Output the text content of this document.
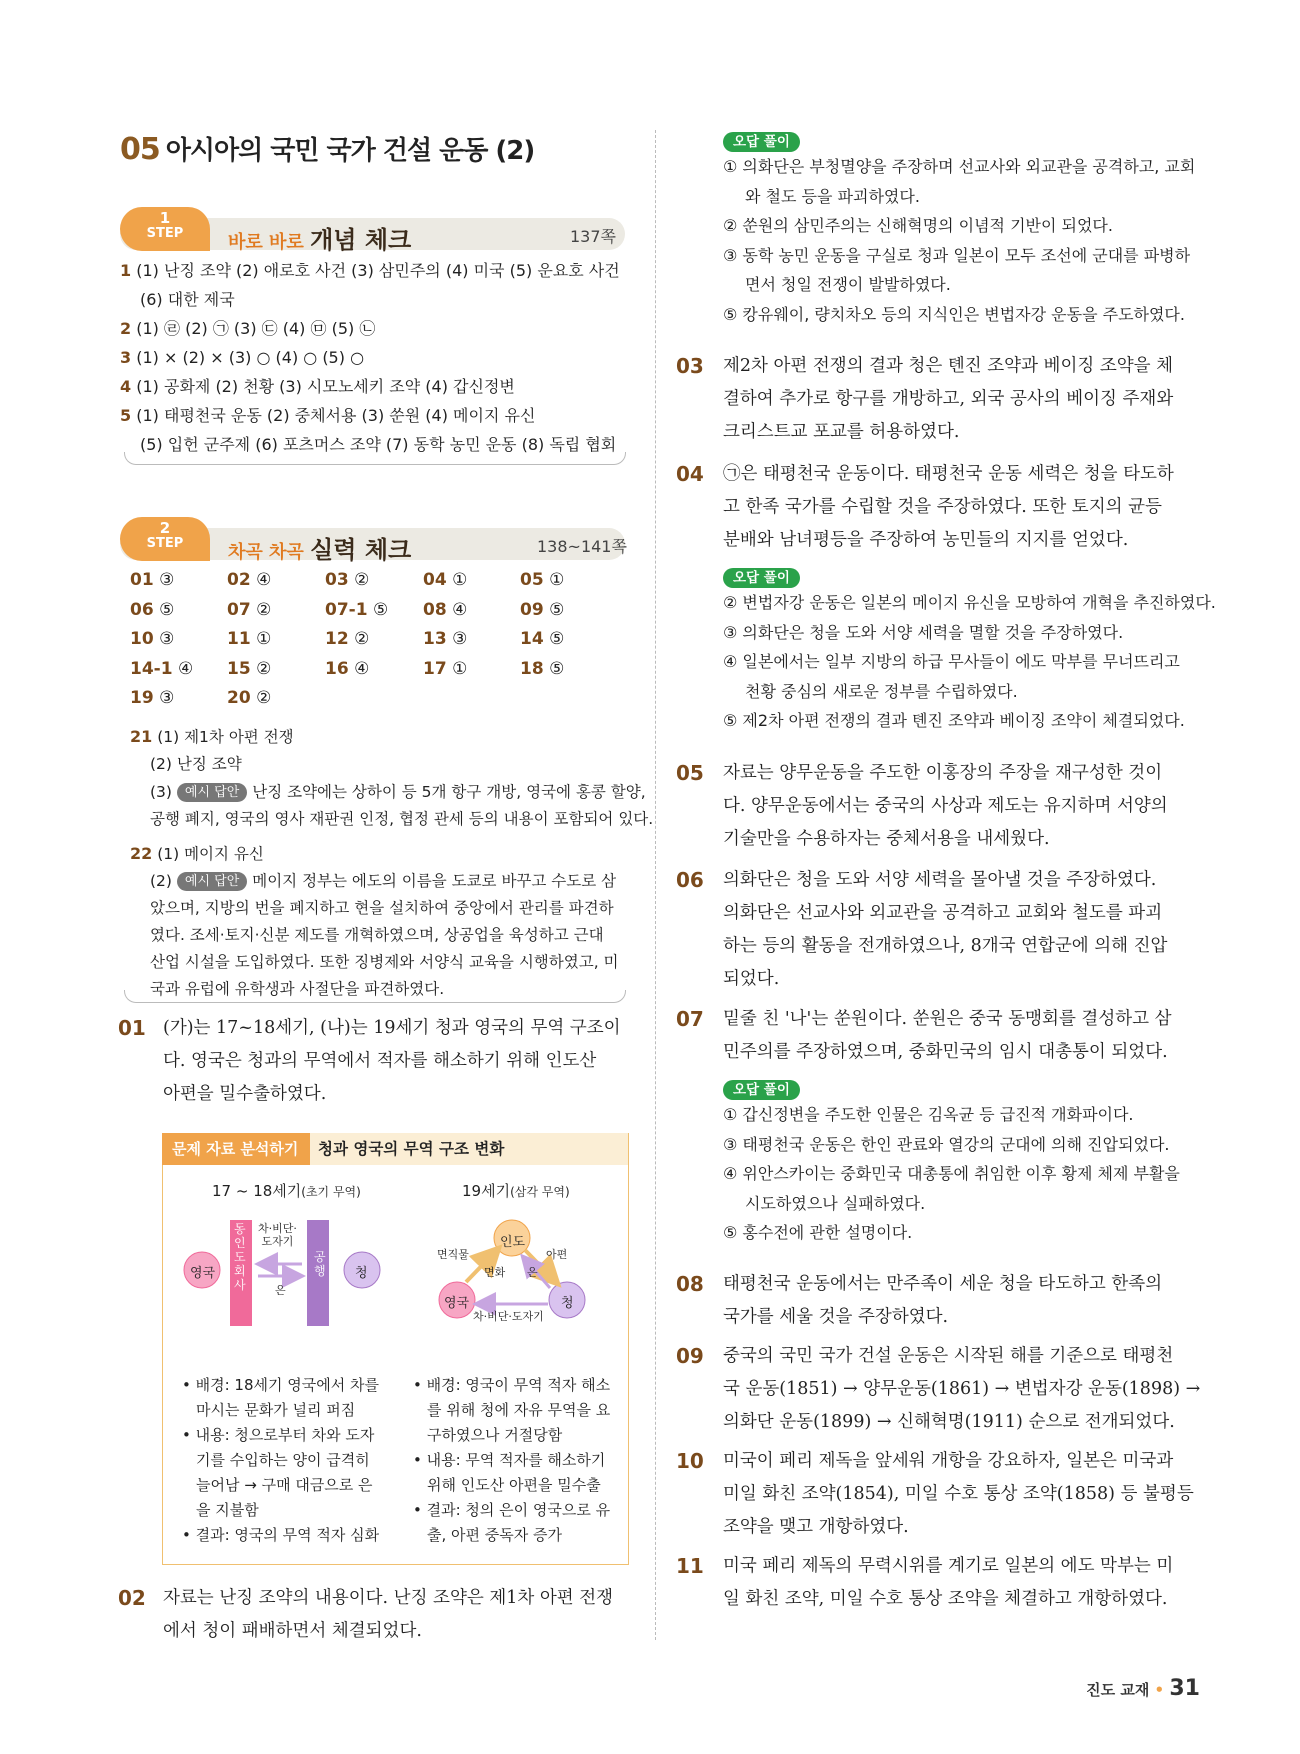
05 아시아의 국민 국가 건설 운동 (2)
1
STEP	바로 바로 개념 체크	137쪽
1 (1) 난징 조약 (2) 애로호 사건 (3) 삼민주의 (4) 미국 (5) 운요호 사건
(6) 대한 제국
2 (1) ㉣ (2) ㉠ (3) ㉢ (4) ㉤ (5) ㉡
3 (1) × (2) × (3) ○ (4) ○ (5) ○
4 (1) 공화제 (2) 천황 (3) 시모노세키 조약 (4) 갑신정변
5 (1) 태평천국 운동 (2) 중체서용 (3) 쑨원 (4) 메이지 유신
(5) 입헌 군주제 (6) 포츠머스 조약 (7) 동학 농민 운동 (8) 독립 협회
2
STEP	차곡 차곡 실력 체크	138~141쪽
01 ③	02 ④	03 ②	04 ①	05 ①
06 ⑤	07 ②	07-1 ⑤ 08 ④	09 ⑤
10 ③	11 ①	12 ②	13 ③	14 ⑤
14-1 ④ 15 ②	16 ④	17 ①	18 ⑤
19 ③	20 ②
21 (1) 제1차 아편 전쟁
(2) 난징 조약
(3) 예시 답안 난징 조약에는 상하이 등 5개 항구 개방, 영국에 홍콩 할양,
공행 폐지, 영국의 영사 재판권 인정, 협정 관세 등의 내용이 포함되어 있다.
22 (1) 메이지 유신
(2) 예시 답안 메이지 정부는 에도의 이름을 도쿄로 바꾸고 수도로 삼
았으며, 지방의 번을 폐지하고 현을 설치하여 중앙에서 관리를 파견하
였다. 조세·토지·신분 제도를 개혁하였으며, 상공업을 육성하고 근대
산업 시설을 도입하였다. 또한 징병제와 서양식 교육을 시행하였고, 미
국과 유럽에 유학생과 사절단을 파견하였다.
01 (가)는 17~18세기, (나)는 19세기 청과 영국의 무역 구조이
다. 영국은 청과의 무역에서 적자를 해소하기 위해 인도산
아편을 밀수출하였다.
문제 자료 분석하기	청과 영국의 무역 구조 변화
17 ~ 18세기(초기 무역)	19세기(삼각 무역)
영국
동인도회사
공행 청
차·비단·
도자기
은
영국
인도
청
면직물	아편
면화 은
차·비단·도자기
• 배경: 18세기 영국에서 차를
마시는 문화가 널리 퍼짐
• 내용: 청으로부터 차와 도자
기를 수입하는 양이 급격히
늘어남 → 구매 대금으로 은
을 지불함
• 결과: 영국의 무역 적자 심화
• 배경: 영국이 무역 적자 해소
를 위해 청에 자유 무역을 요
구하였으나 거절당함
• 내용: 무역 적자를 해소하기
위해 인도산 아편을 밀수출
• 결과: 청의 은이 영국으로 유
출, 아편 중독자 증가
02 자료는 난징 조약의 내용이다. 난징 조약은 제1차 아편 전쟁
에서 청이 패배하면서 체결되었다.
오답 풀이
① 의화단은 부청멸양을 주장하며 선교사와 외교관을 공격하고, 교회
와 철도 등을 파괴하였다.
② 쑨원의 삼민주의는 신해혁명의 이념적 기반이 되었다.
③ 동학 농민 운동을 구실로 청과 일본이 모두 조선에 군대를 파병하
면서 청일 전쟁이 발발하였다.
⑤ 캉유웨이, 량치차오 등의 지식인은 변법자강 운동을 주도하였다.
03 제2차 아편 전쟁의 결과 청은 톈진 조약과 베이징 조약을 체
결하여 추가로 항구를 개방하고, 외국 공사의 베이징 주재와
크리스트교 포교를 허용하였다.
04 ㉠은 태평천국 운동이다. 태평천국 운동 세력은 청을 타도하
고 한족 국가를 수립할 것을 주장하였다. 또한 토지의 균등
분배와 남녀평등을 주장하여 농민들의 지지를 얻었다.
오답 풀이
② 변법자강 운동은 일본의 메이지 유신을 모방하여 개혁을 추진하였다.
③ 의화단은 청을 도와 서양 세력을 멸할 것을 주장하였다.
④ 일본에서는 일부 지방의 하급 무사들이 에도 막부를 무너뜨리고
천황 중심의 새로운 정부를 수립하였다.
⑤ 제2차 아편 전쟁의 결과 톈진 조약과 베이징 조약이 체결되었다.
05 자료는 양무운동을 주도한 이홍장의 주장을 재구성한 것이
다. 양무운동에서는 중국의 사상과 제도는 유지하며 서양의
기술만을 수용하자는 중체서용을 내세웠다.
06 의화단은 청을 도와 서양 세력을 몰아낼 것을 주장하였다.
의화단은 선교사와 외교관을 공격하고 교회와 철도를 파괴
하는 등의 활동을 전개하였으나, 8개국 연합군에 의해 진압
되었다.
07 밑줄 친 '나'는 쑨원이다. 쑨원은 중국 동맹회를 결성하고 삼
민주의를 주장하였으며, 중화민국의 임시 대총통이 되었다.
오답 풀이
① 갑신정변을 주도한 인물은 김옥균 등 급진적 개화파이다.
③ 태평천국 운동은 한인 관료와 열강의 군대에 의해 진압되었다.
④ 위안스카이는 중화민국 대총통에 취임한 이후 황제 체제 부활을
시도하였으나 실패하였다.
⑤ 홍수전에 관한 설명이다.
08 태평천국 운동에서는 만주족이 세운 청을 타도하고 한족의
국가를 세울 것을 주장하였다.
09 중국의 국민 국가 건설 운동은 시작된 해를 기준으로 태평천
국 운동(1851) → 양무운동(1861) → 변법자강 운동(1898) →
의화단 운동(1899) → 신해혁명(1911) 순으로 전개되었다.
10 미국이 페리 제독을 앞세워 개항을 강요하자, 일본은 미국과
미일 화친 조약(1854), 미일 수호 통상 조약(1858) 등 불평등
조약을 맺고 개항하였다.
11 미국 페리 제독의 무력시위를 계기로 일본의 에도 막부는 미
일 화친 조약, 미일 수호 통상 조약을 체결하고 개항하였다.
진도 교재 • 31
